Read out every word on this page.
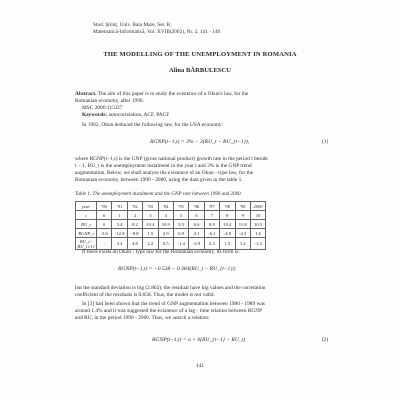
Stud. Ştiinţ. Univ. Baia Mare, Ser. B,
Matematică-Informatică, Vol. XVIII(2002), Nr. 2, 141 - 146
THE MODELLING OF THE UNEMPLOYMENT IN ROMANIA
Alina BĂRBULESCU
Abstract. The aim of this paper is to study the existence of a Okun's law, for the
Romanian economy, after 1990.
MSC 2000:115J27
Keywords: autocorrelation, ACF, PACF
In 1962, Okun deduced the following law, for the USA economy:
RGNP(t−1,t) = 3% − 3(RU_t − RU_{t−1}),	(1)
where RGNP(t−1,t) is the GNP (gross national product) growth rate in the period t beside
t − 1, RU_t is the unemployment instalment in the year t and 3% is the GNP trend
augmentation. Below, we shall analyse the existence of an Okun - type law, for the
Romanian economy, between 1990 - 2000, using the data given in the table 1.
Table 1. The unemployment instalment and the GNP rate between 1990 and 2000
year	'90	'91	'92	'93	'94	'95	'96	'97	'98	'99	2000
t	0	1	2	3	4	5	6	7	8	9	10
RU_t	0	3.4	8.2	10.4	10.9	9.5	6.6	8.9	10.4	11.8	10.5
RGNP_t	-3.6	-12.9	-8.8	1.5	3.9	6.9	4.1	-6.1	-4.8	-2.3	1.6

RU_t -
RU_{t-1}	-	3.4	4.8	2.2	0.5	-1.4	-2.9	2.3	1.5	1.4	-1.3
If there exists an Okun - type law for the Romanian economy, its form is:
RGNP(t−1,t) = −0.538 − 0.384(RU_t − RU_{t−1});
but the standard deviation is big (2.862), the residual have big values and the correlation
coefficient of the residuals is 0.658. Thus, the model is not valid.
In [3] had been shown that the trend of GNP augmentation between 1980 - 1989 was
around 1.4% and it was suggested the existence of a lag - time relation between RGNP
and RU, in the period 1990 - 2000. Thus, we search a relation:
RGNP(t−1,t) = a + b(RU_{t−1} − RU_t)	(2)
141
